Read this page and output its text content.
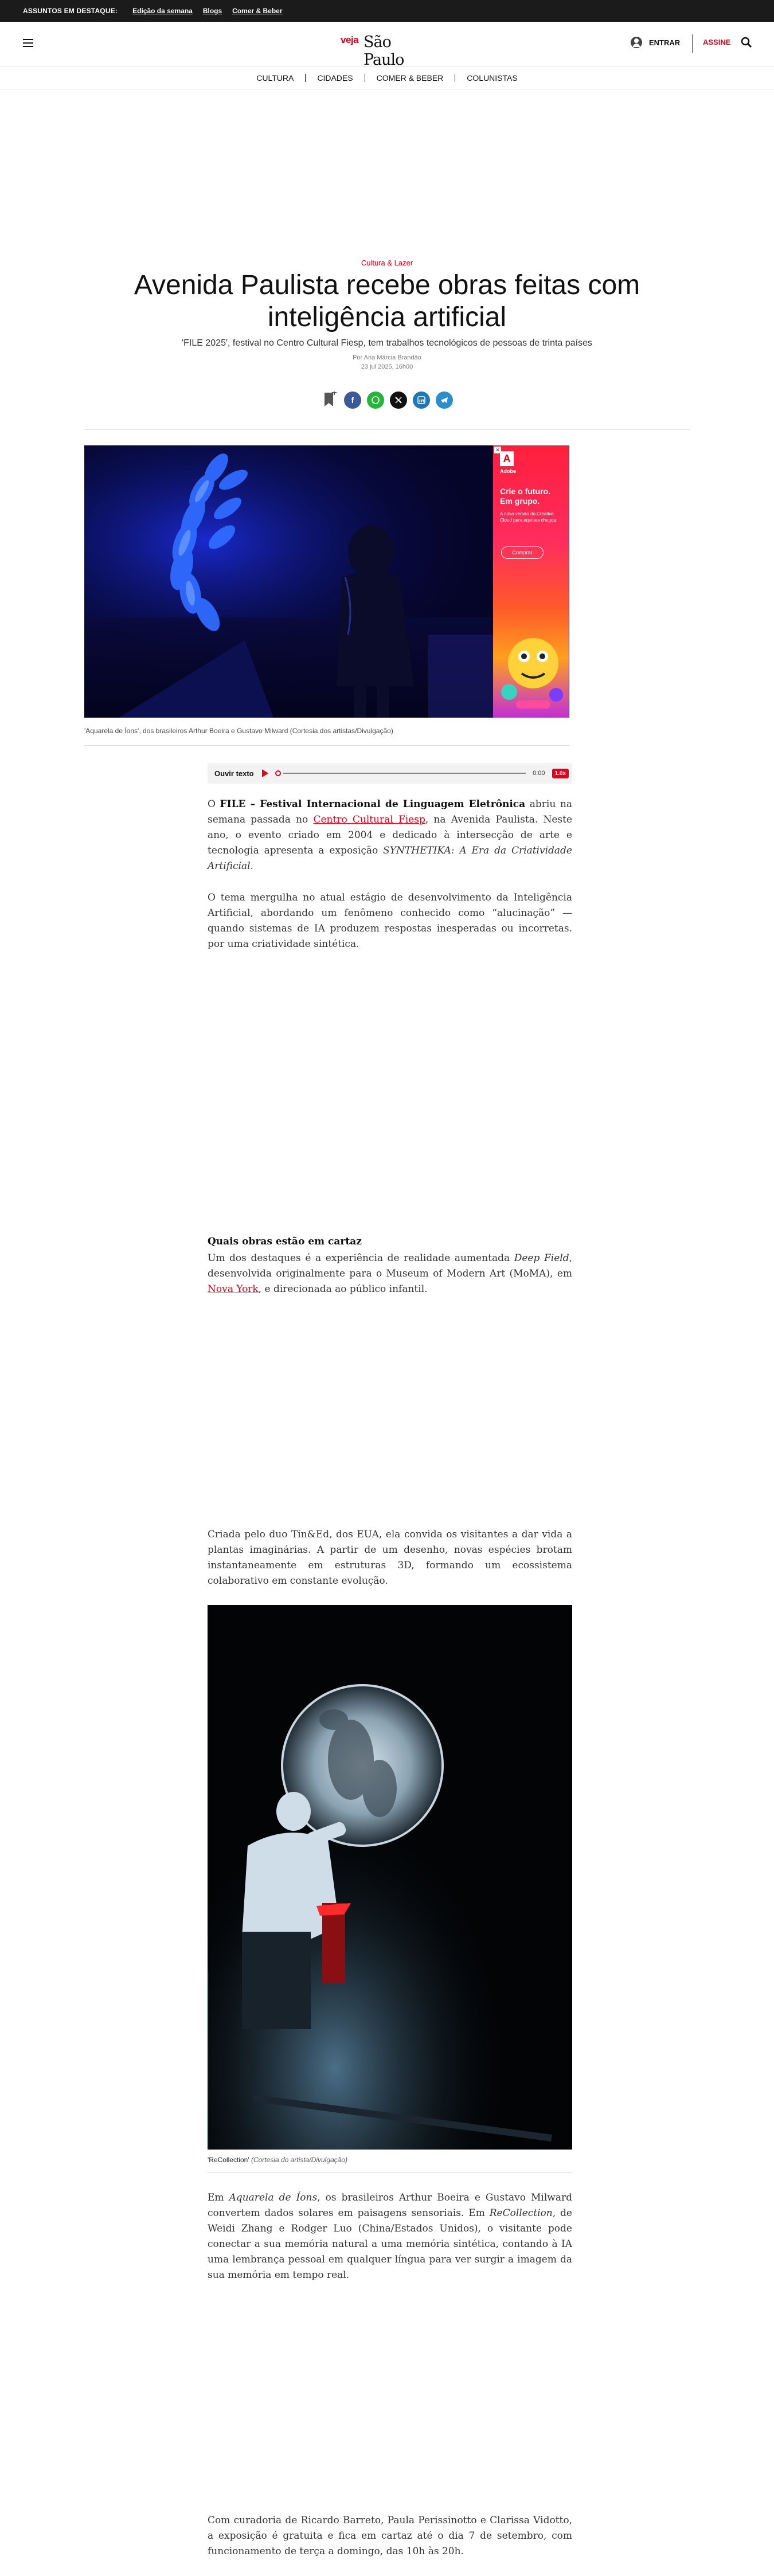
ASSUNTOS EM DESTAQUE: Edição da semana Blogs Comer & Beber
veja São Paulo
ENTRAR	ASSINE
CULTURA	CIDADES	COMER & BEBER	COLUNISTAS
Cultura & Lazer
Avenida Paulista recebe obras feitas com inteligência artificial
'FILE 2025', festival no Centro Cultural Fiesp, tem trabalhos tecnológicos de pessoas de trinta países
Por Ana Márcia Brandão
23 jul 2025, 16h00
f
✕
A
Adobe
Crie o futuro. Em grupo.
A nova versão do Creative Cloud para equipes chegou.
Comprar
'Aquarela de Íons', dos brasileiros Arthur Boeira e Gustavo Milward (Cortesia dos artistas/Divulgação)
Ouvir texto	0:00	1.0x

O FILE – Festival Internacional de Linguagem Eletrônica abriu na semana passada no Centro Cultural Fiesp, na Avenida Paulista. Neste ano, o evento criado em 2004 e dedicado à intersecção de arte e tecnologia apresenta a exposição SYNTHETIKA: A Era da Criatividade Artificial.

O tema mergulha no atual estágio de desenvolvimento da Inteligência Artificial, abordando um fenômeno conhecido como “alucinação” — quando sistemas de IA produzem respostas inesperadas ou incorretas. por uma criatividade sintética.

Quais obras estão em cartaz

Um dos destaques é a experiência de realidade aumentada Deep Field, desenvolvida originalmente para o Museum of Modern Art (MoMA), em Nova York, e direcionada ao público infantil.

Criada pelo duo Tin&Ed, dos EUA, ela convida os visitantes a dar vida a plantas imaginárias. A partir de um desenho, novas espécies brotam instantaneamente em estruturas 3D, formando um ecossistema colaborativo em constante evolução.

'ReCollection' (Cortesia do artista/Divulgação)

Em Aquarela de Íons, os brasileiros Arthur Boeira e Gustavo Milward convertem dados solares em paisagens sensoriais. Em ReCollection, de Weidi Zhang e Rodger Luo (China/Estados Unidos), o visitante pode conectar a sua memória natural a uma memória sintética, contando à IA uma lembrança pessoal em qualquer língua para ver surgir a imagem da sua memória em tempo real.

Com curadoria de Ricardo Barreto, Paula Perissinotto e Clarissa Vidotto, a exposição é gratuita e fica em cartaz até o dia 7 de setembro, com funcionamento de terça a domingo, das 10h às 20h.
